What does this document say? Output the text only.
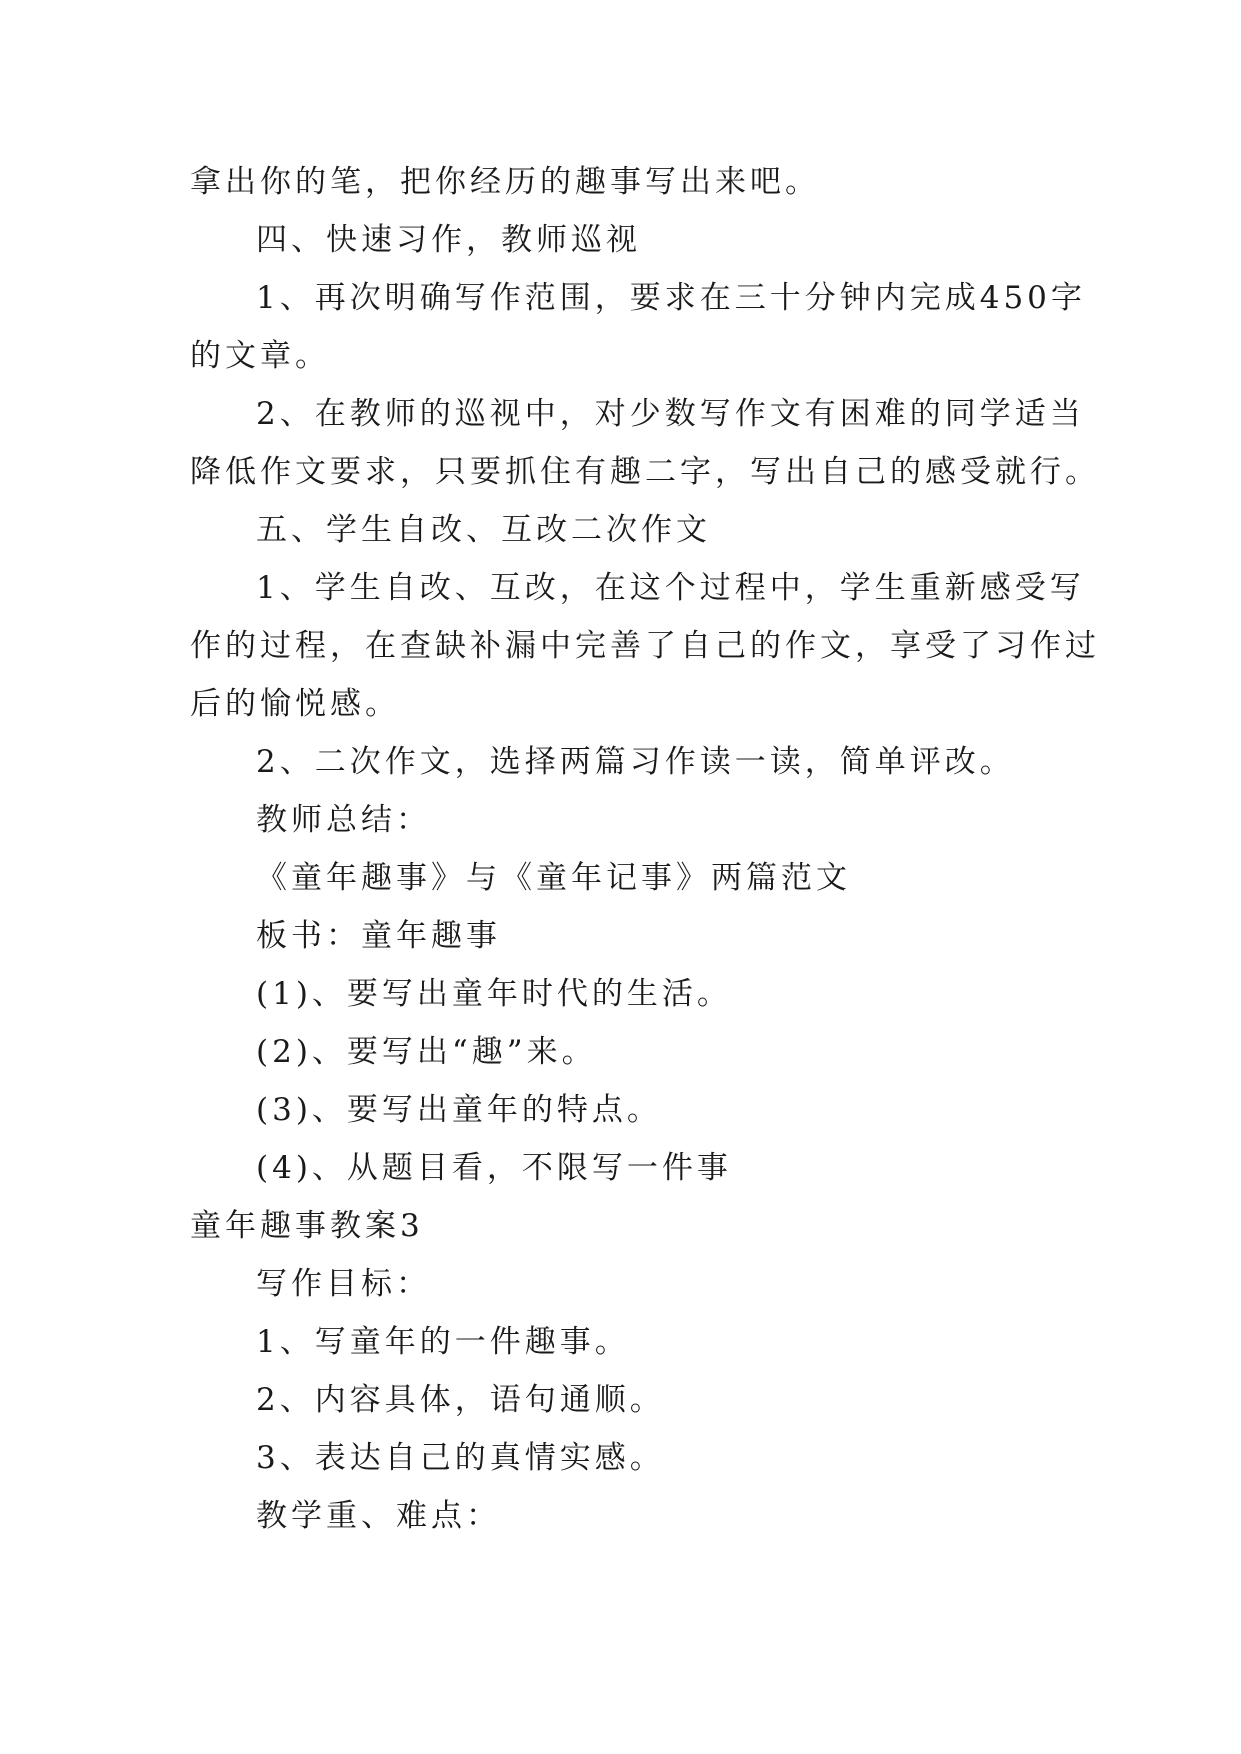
拿出你的笔，把你经历的趣事写出来吧。
四、快速习作，教师巡视
1、再次明确写作范围，要求在三十分钟内完成450字
的文章。
2、在教师的巡视中，对少数写作文有困难的同学适当
降低作文要求，只要抓住有趣二字，写出自己的感受就行。
五、学生自改、互改二次作文
1、学生自改、互改，在这个过程中，学生重新感受写
作的过程，在查缺补漏中完善了自己的作文，享受了习作过
后的愉悦感。
2、二次作文，选择两篇习作读一读，简单评改。
教师总结：
《童年趣事》与《童年记事》两篇范文
板书：童年趣事
(1)、要写出童年时代的生活。
(2)、要写出“趣”来。
(3)、要写出童年的特点。
(4)、从题目看，不限写一件事
童年趣事教案3
写作目标：
1、写童年的一件趣事。
2、内容具体，语句通顺。
3、表达自己的真情实感。
教学重、难点：
